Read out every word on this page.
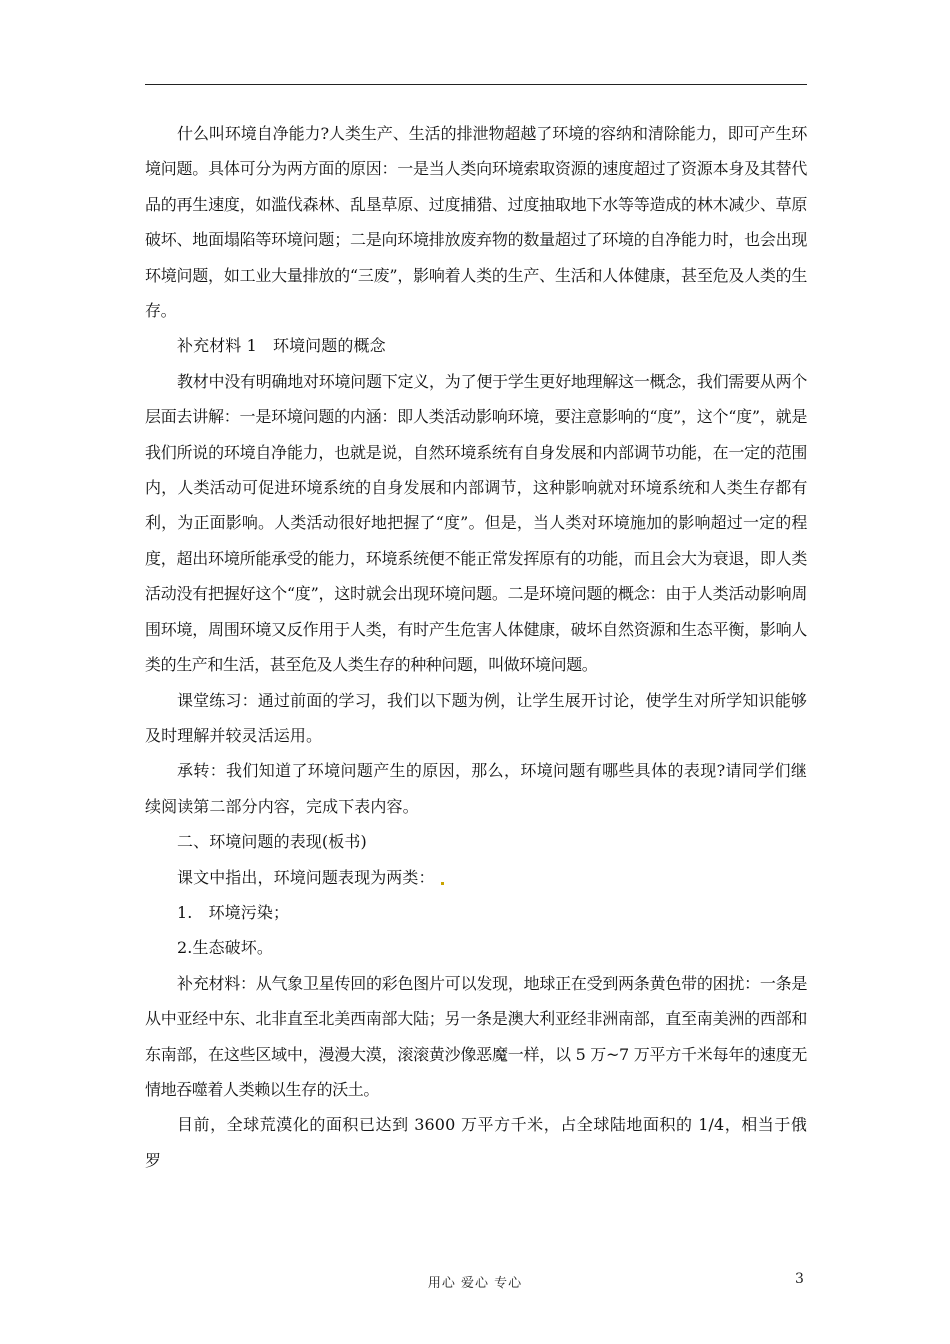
什么叫环境自净能力?人类生产、生活的排泄物超越了环境的容纳和清除能力，即可产生环境问题。具体可分为两方面的原因：一是当人类向环境索取资源的速度超过了资源本身及其替代品的再生速度，如滥伐森林、乱垦草原、过度捕猎、过度抽取地下水等等造成的林木减少、草原破坏、地面塌陷等环境问题；二是向环境排放废弃物的数量超过了环境的自净能力时，也会出现环境问题，如工业大量排放的“三废”，影响着人类的生产、生活和人体健康，甚至危及人类的生存。

补充材料 1　环境问题的概念

教材中没有明确地对环境问题下定义，为了便于学生更好地理解这一概念，我们需要从两个层面去讲解：一是环境问题的内涵：即人类活动影响环境，要注意影响的“度”，这个“度”，就是我们所说的环境自净能力，也就是说，自然环境系统有自身发展和内部调节功能，在一定的范围内，人类活动可促进环境系统的自身发展和内部调节，这种影响就对环境系统和人类生存都有利，为正面影响。人类活动很好地把握了“度”。但是，当人类对环境施加的影响超过一定的程度，超出环境所能承受的能力，环境系统便不能正常发挥原有的功能，而且会大为衰退，即人类活动没有把握好这个“度”，这时就会出现环境问题。二是环境问题的概念：由于人类活动影响周围环境，周围环境又反作用于人类，有时产生危害人体健康，破坏自然资源和生态平衡，影响人类的生产和生活，甚至危及人类生存的种种问题，叫做环境问题。

课堂练习：通过前面的学习，我们以下题为例，让学生展开讨论，使学生对所学知识能够及时理解并较灵活运用。

承转：我们知道了环境问题产生的原因，那么，环境问题有哪些具体的表现?请同学们继续阅读第二部分内容，完成下表内容。

二、环境问题的表现(板书)

课文中指出，环境问题表现为两类：

1.　环境污染；

2.生态破坏。

补充材料：从气象卫星传回的彩色图片可以发现，地球正在受到两条黄色带的困扰：一条是从中亚经中东、北非直至北美西南部大陆；另一条是澳大利亚经非洲南部，直至南美洲的西部和东南部，在这些区域中，漫漫大漠，滚滚黄沙像恶魔一样，以 5 万~7 万平方千米每年的速度无情地吞噬着人类赖以生存的沃土。

目前，全球荒漠化的面积已达到 3600 万平方千米，占全球陆地面积的 1/4，相当于俄罗

用心 爱心 专心	3
